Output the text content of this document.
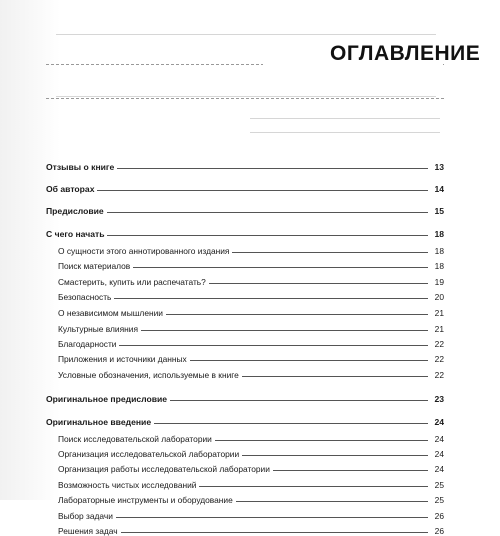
ОГЛАВЛЕНИЕ
Отзывы о книге	13
Об авторах	14
Предисловие	15
С чего начать	18
О сущности этого аннотированного издания	18
Поиск материалов	18
Смастерить, купить или распечатать?	19
Безопасность	20
О независимом мышлении	21
Культурные влияния	21
Благодарности	22
Приложения и источники данных	22
Условные обозначения, используемые в книге	22
Оригинальное предисловие	23
Оригинальное введение	24
Поиск исследовательской лаборатории	24
Организация исследовательской лаборатории	24
Организация работы исследовательской лаборатории	24
Возможность чистых исследований	25
Лабораторные инструменты и оборудование	25
Выбор задачи	26
Решения задач	26
